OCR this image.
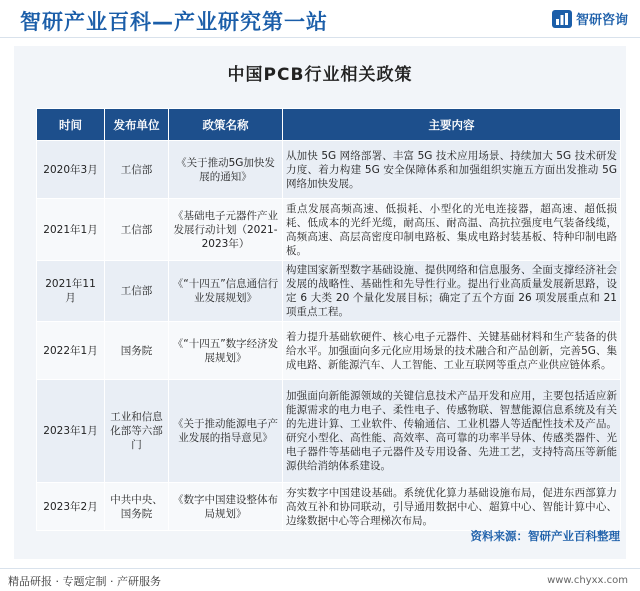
智研产业百科—产业研究第一站	智研咨询
中国PCB行业相关政策
时间	发布单位	政策名称	主要内容
2020年3月	工信部	《关于推动5G加快发展的通知》	从加快 5G 网络部署、丰富 5G 技术应用场景、持续加大 5G 技术研发力度、着力构建 5G 安全保障体系和加强组织实施五方面出发推动 5G 网络加快发展。
2021年1月	工信部	《基础电子元器件产业发展行动计划（2021-2023年）	重点发展高频高速、低损耗、小型化的光电连接器，超高速、超低损耗、低成本的光纤光缆，耐高压、耐高温、高抗拉强度电气装备线缆，高频高速、高层高密度印制电路板、集成电路封装基板、特种印制电路板。
2021年11月	工信部	《“十四五”信息通信行业发展规划》	构建国家新型数字基础设施、提供网络和信息服务、全面支撑经济社会发展的战略性、基础性和先导性行业。提出行业高质量发展新思路，设定 6 大类 20 个量化发展目标；确定了五个方面 26 项发展重点和 21 项重点工程。
2022年1月	国务院	《“十四五”数字经济发展规划》	着力提升基础软硬件、核心电子元器件、关键基础材料和生产装备的供给水平。加强面向多元化应用场景的技术融合和产品创新，完善5G、集成电路、新能源汽车、人工智能、工业互联网等重点产业供应链体系。
2023年1月	工业和信息化部等六部门	《关于推动能源电子产业发展的指导意见》	加强面向新能源领域的关键信息技术产品开发和应用，主要包括适应新能源需求的电力电子、柔性电子、传感物联、智慧能源信息系统及有关的先进计算、工业软件、传输通信、工业机器人等适配性技术及产品。研究小型化、高性能、高效率、高可靠的功率半导体、传感类器件、光电子器件等基础电子元器件及专用设备、先进工艺，支持特高压等新能源供给消纳体系建设。
2023年2月	中共中央、国务院	《数字中国建设整体布局规划》	夯实数字中国建设基础。系统优化算力基础设施布局，促进东西部算力高效互补和协同联动，引导通用数据中心、超算中心、智能计算中心、边缘数据中心等合理梯次布局。
资料来源：智研产业百科整理
精品研报 · 专题定制 · 产研服务	www.chyxx.com
